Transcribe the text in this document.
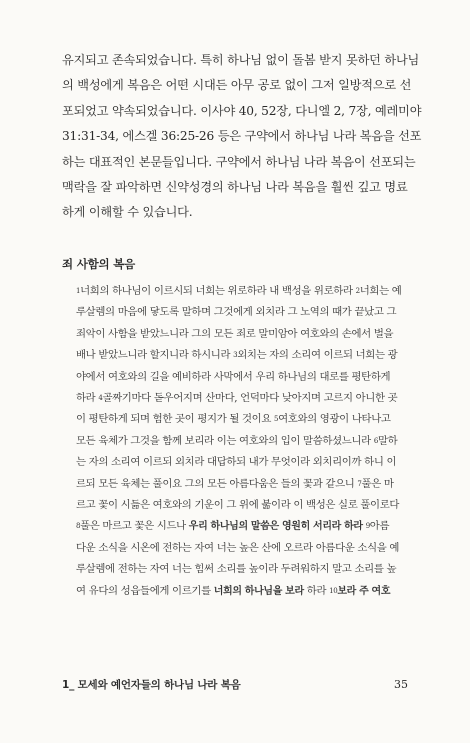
유지되고 존속되었습니다. 특히 하나님 없이 돌봄 받지 못하던 하나님
의 백성에게 복음은 어떤 시대든 아무 공로 없이 그저 일방적으로 선
포되었고 약속되었습니다. 이사야 40, 52장, 다니엘 2, 7장, 예레미야
31:31-34, 에스겔 36:25-26 등은 구약에서 하나님 나라 복음을 선포
하는 대표적인 본문들입니다. 구약에서 하나님 나라 복음이 선포되는
맥락을 잘 파악하면 신약성경의 하나님 나라 복음을 훨씬 깊고 명료
하게 이해할 수 있습니다.
죄 사함의 복음
1너희의 하나님이 이르시되 너희는 위로하라 내 백성을 위로하라 2너희는 예
루살렘의 마음에 닿도록 말하며 그것에게 외치라 그 노역의 때가 끝났고 그
죄악이 사함을 받았느니라 그의 모든 죄로 말미암아 여호와의 손에서 벌을
배나 받았느니라 할지니라 하시니라 3외치는 자의 소리여 이르되 너희는 광
야에서 여호와의 길을 예비하라 사막에서 우리 하나님의 대로를 평탄하게
하라 4골짜기마다 돋우어지며 산마다, 언덕마다 낮아지며 고르지 아니한 곳
이 평탄하게 되며 험한 곳이 평지가 될 것이요 5여호와의 영광이 나타나고
모든 육체가 그것을 함께 보리라 이는 여호와의 입이 말씀하셨느니라 6말하
는 자의 소리여 이르되 외치라 대답하되 내가 무엇이라 외치리이까 하니 이
르되 모든 육체는 풀이요 그의 모든 아름다움은 들의 꽃과 같으니 7풀은 마
르고 꽃이 시듦은 여호와의 기운이 그 위에 붊이라 이 백성은 실로 풀이로다
8풀은 마르고 꽃은 시드나 우리 하나님의 말씀은 영원히 서리라 하라 9아름
다운 소식을 시온에 전하는 자여 너는 높은 산에 오르라 아름다운 소식을 예
루살렘에 전하는 자여 너는 힘써 소리를 높이라 두려워하지 말고 소리를 높
여 유다의 성읍들에게 이르기를 너희의 하나님을 보라 하라 10보라 주 여호
1_ 모세와 예언자들의 하나님 나라 복음	35
